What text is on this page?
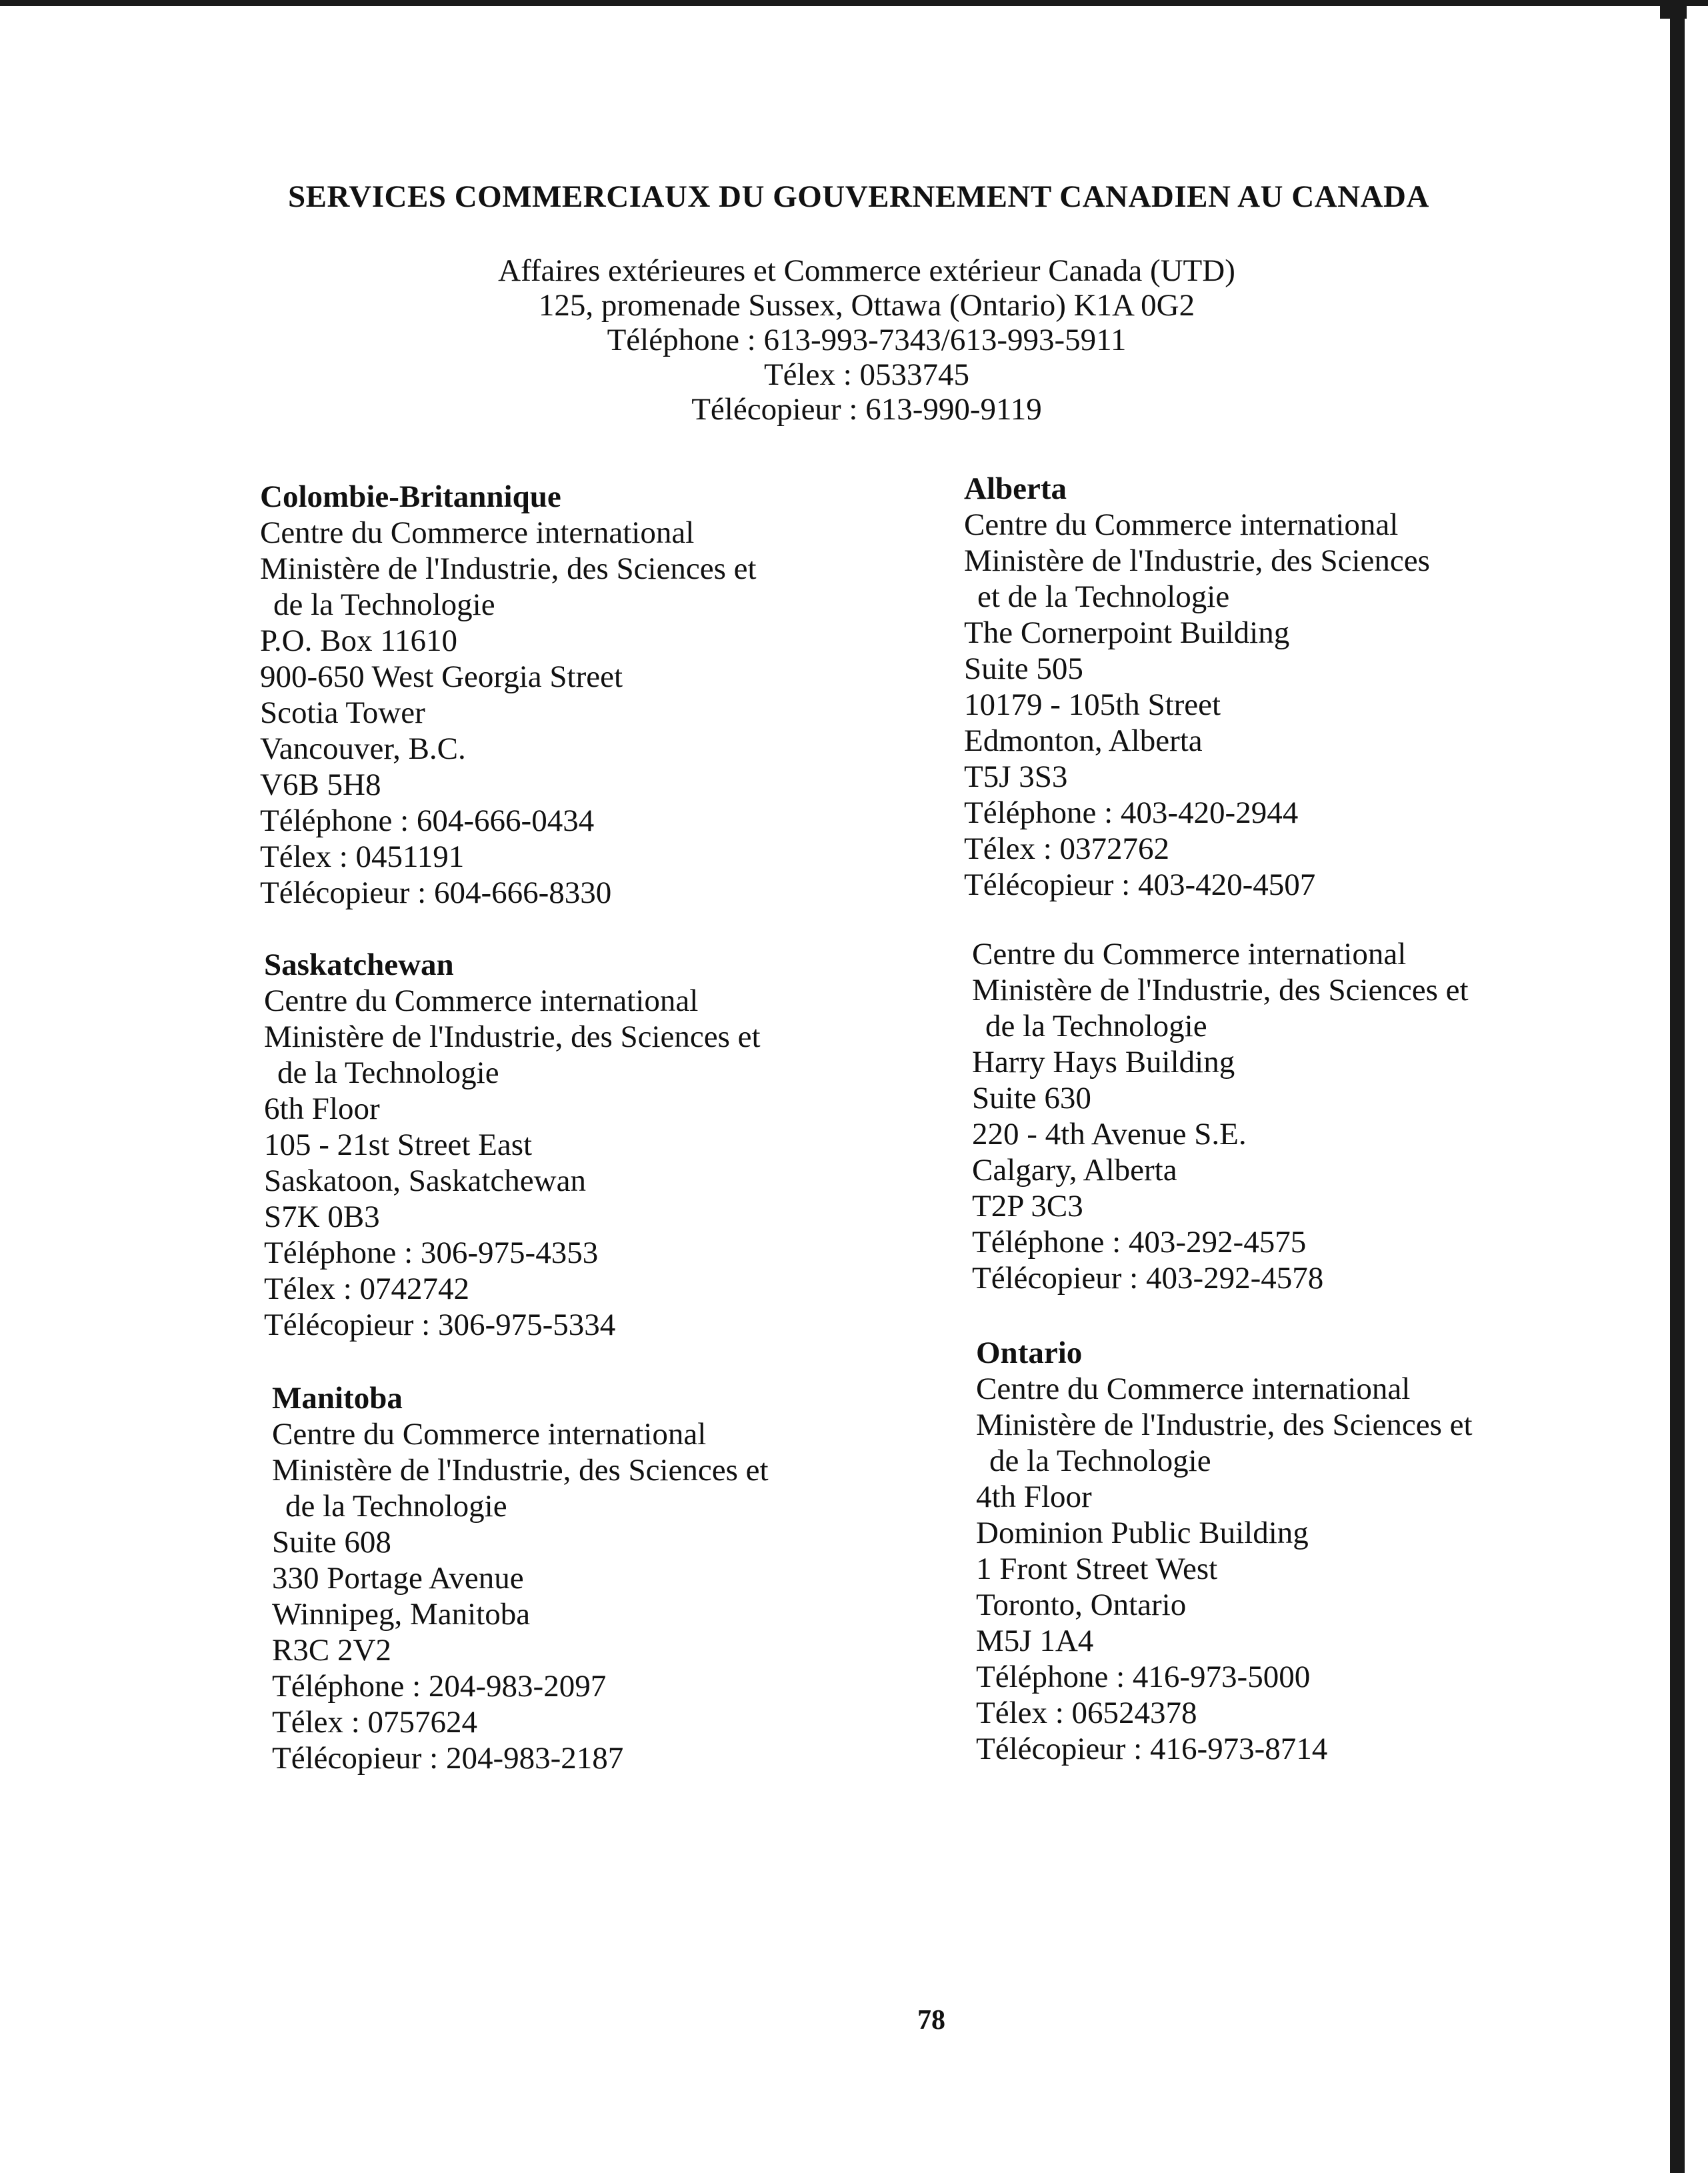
SERVICES COMMERCIAUX DU GOUVERNEMENT CANADIEN AU CANADA
Affaires extérieures et Commerce extérieur Canada (UTD)
125, promenade Sussex, Ottawa (Ontario) K1A 0G2
Téléphone : 613-993-7343/613-993-5911
Télex : 0533745
Télécopieur : 613-990-9119
Colombie-Britannique
Centre du Commerce international
Ministère de l'Industrie, des Sciences et
de la Technologie
P.O. Box 11610
900-650 West Georgia Street
Scotia Tower
Vancouver, B.C.
V6B 5H8
Téléphone : 604-666-0434
Télex : 0451191
Télécopieur : 604-666-8330
Saskatchewan
Centre du Commerce international
Ministère de l'Industrie, des Sciences et
de la Technologie
6th Floor
105 - 21st Street East
Saskatoon, Saskatchewan
S7K 0B3
Téléphone : 306-975-4353
Télex : 0742742
Télécopieur : 306-975-5334
Manitoba
Centre du Commerce international
Ministère de l'Industrie, des Sciences et
de la Technologie
Suite 608
330 Portage Avenue
Winnipeg, Manitoba
R3C 2V2
Téléphone : 204-983-2097
Télex : 0757624
Télécopieur : 204-983-2187
Alberta
Centre du Commerce international
Ministère de l'Industrie, des Sciences
et de la Technologie
The Cornerpoint Building
Suite 505
10179 - 105th Street
Edmonton, Alberta
T5J 3S3
Téléphone : 403-420-2944
Télex : 0372762
Télécopieur : 403-420-4507
Centre du Commerce international
Ministère de l'Industrie, des Sciences et
de la Technologie
Harry Hays Building
Suite 630
220 - 4th Avenue S.E.
Calgary, Alberta
T2P 3C3
Téléphone : 403-292-4575
Télécopieur : 403-292-4578
Ontario
Centre du Commerce international
Ministère de l'Industrie, des Sciences et
de la Technologie
4th Floor
Dominion Public Building
1 Front Street West
Toronto, Ontario
M5J 1A4
Téléphone : 416-973-5000
Télex : 06524378
Télécopieur : 416-973-8714
78
